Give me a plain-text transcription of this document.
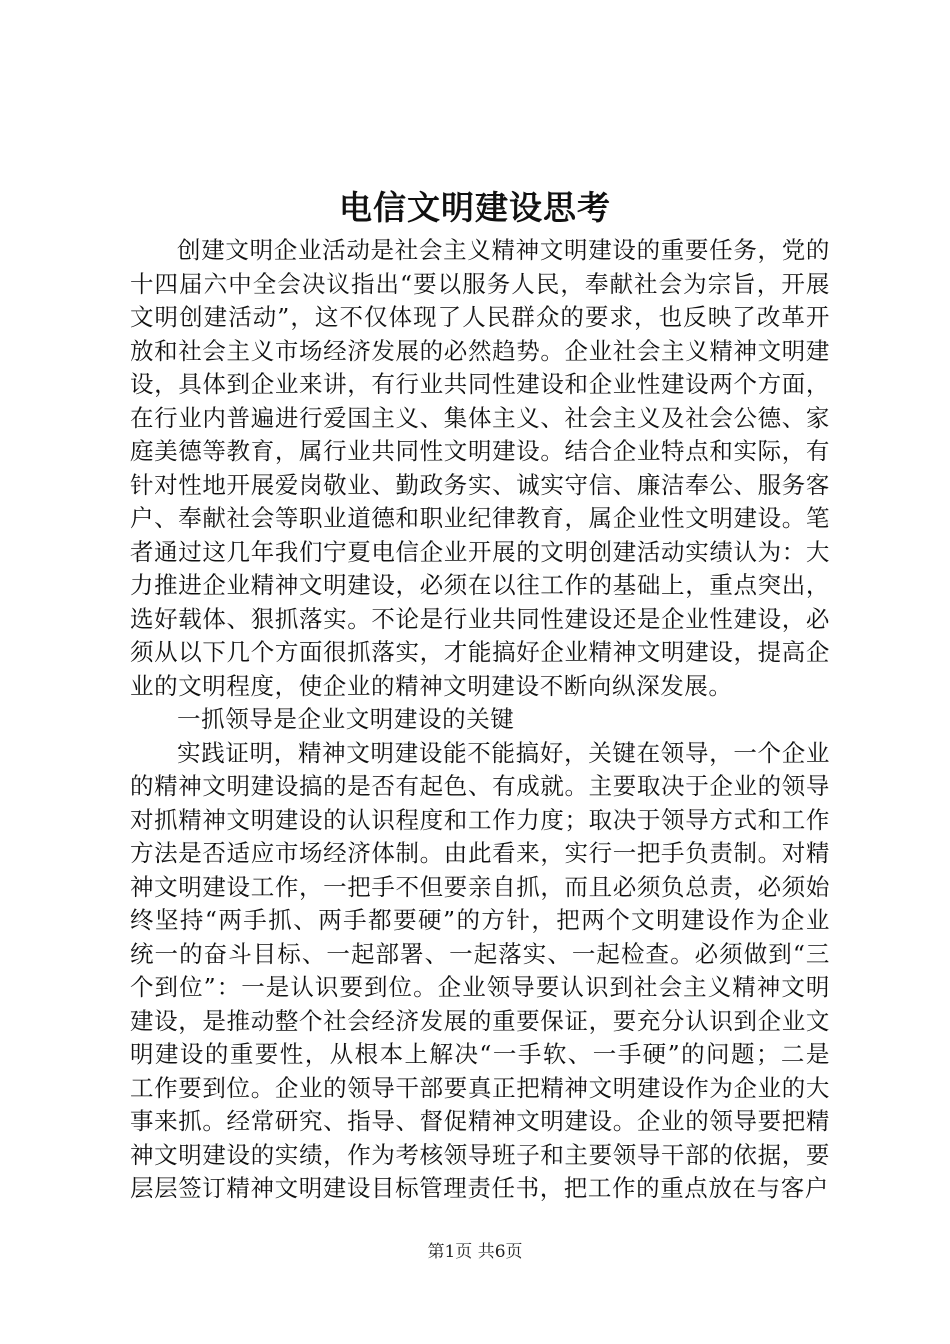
电信文明建设思考

创建文明企业活动是社会主义精神文明建设的重要任务，党的十四届六中全会决议指出“要以服务人民，奉献社会为宗旨，开展文明创建活动”，这不仅体现了人民群众的要求，也反映了改革开放和社会主义市场经济发展的必然趋势。企业社会主义精神文明建设，具体到企业来讲，有行业共同性建设和企业性建设两个方面，在行业内普遍进行爱国主义、集体主义、社会主义及社会公德、家庭美德等教育，属行业共同性文明建设。结合企业特点和实际，有针对性地开展爱岗敬业、勤政务实、诚实守信、廉洁奉公、服务客户、奉献社会等职业道德和职业纪律教育，属企业性文明建设。笔者通过这几年我们宁夏电信企业开展的文明创建活动实绩认为：大力推进企业精神文明建设，必须在以往工作的基础上，重点突出，选好载体、狠抓落实。不论是行业共同性建设还是企业性建设，必须从以下几个方面很抓落实，才能搞好企业精神文明建设，提高企业的文明程度，使企业的精神文明建设不断向纵深发展。

一抓领导是企业文明建设的关键

实践证明，精神文明建设能不能搞好，关键在领导，一个企业的精神文明建设搞的是否有起色、有成就。主要取决于企业的领导对抓精神文明建设的认识程度和工作力度；取决于领导方式和工作方法是否适应市场经济体制。由此看来，实行一把手负责制。对精神文明建设工作，一把手不但要亲自抓，而且必须负总责，必须始终坚持“两手抓、两手都要硬”的方针，把两个文明建设作为企业统一的奋斗目标、一起部署、一起落实、一起检查。必须做到“三个到位”：一是认识要到位。企业领导要认识到社会主义精神文明建设，是推动整个社会经济发展的重要保证，要充分认识到企业文明建设的重要性，从根本上解决“一手软、一手硬”的问题；二是工作要到位。企业的领导干部要真正把精神文明建设作为企业的大事来抓。经常研究、指导、督促精神文明建设。企业的领导要把精神文明建设的实绩，作为考核领导班子和主要领导干部的依据，要层层签订精神文明建设目标管理责任书，把工作的重点放在与客户

第1页 共6页
